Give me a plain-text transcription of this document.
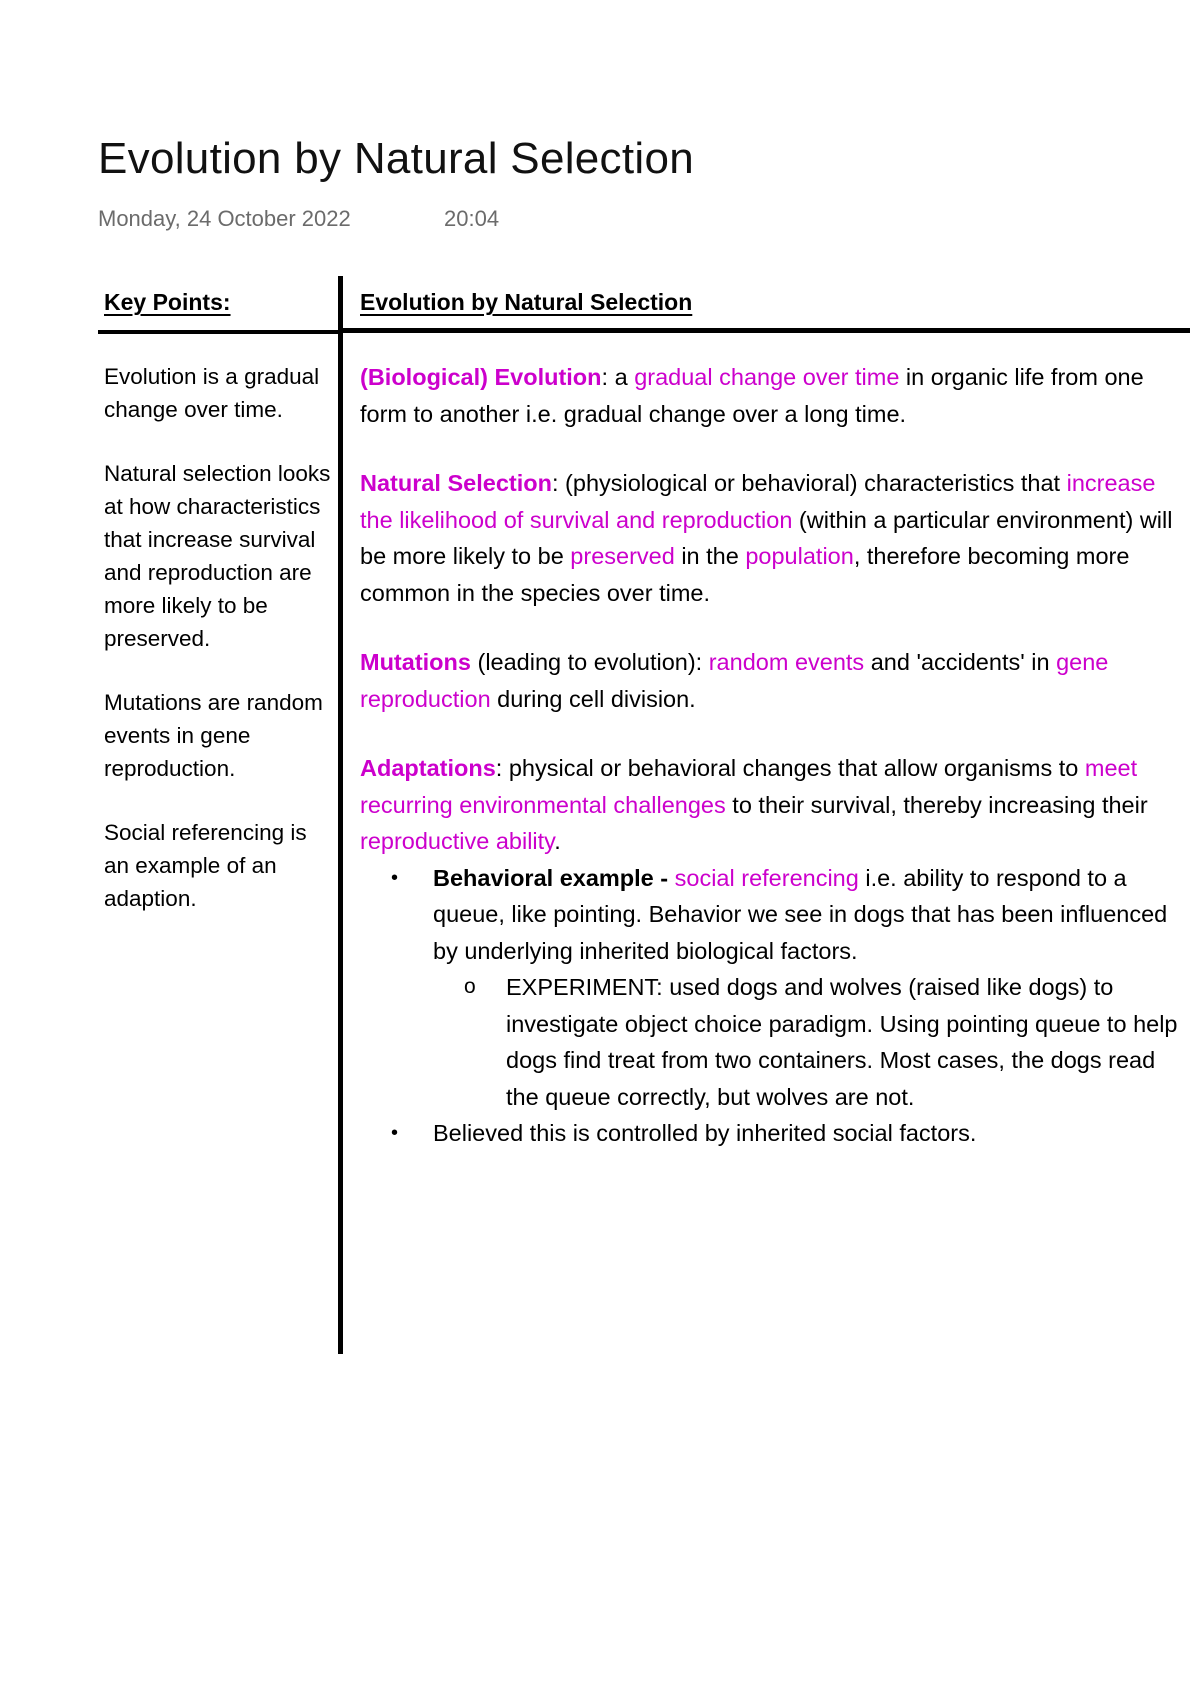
Evolution by Natural Selection
Monday, 24 October 2022	20:04
Key Points:	Evolution by Natural Selection

Evolution is a gradual change over time.

Natural selection looks at how characteristics that increase survival and reproduction are more likely to be preserved.

Mutations are random events in gene reproduction.

Social referencing is an example of an adaption.

(Biological) Evolution: a gradual change over time in organic life from one form to another i.e. gradual change over a long time.

Natural Selection: (physiological or behavioral) characteristics that increase the likelihood of survival and reproduction (within a particular environment) will be more likely to be preserved in the population, therefore becoming more common in the species over time.

Mutations (leading to evolution): random events and 'accidents' in gene reproduction during cell division.

Adaptations: physical or behavioral changes that allow organisms to meet recurring environmental challenges to their survival, thereby increasing their reproductive ability.

• Behavioral example - social referencing i.e. ability to respond to a queue, like pointing. Behavior we see in dogs that has been influenced by underlying inherited biological factors.
o EXPERIMENT: used dogs and wolves (raised like dogs) to investigate object choice paradigm. Using pointing queue to help dogs find treat from two containers. Most cases, the dogs read the queue correctly, but wolves are not.
• Believed this is controlled by inherited social factors.
